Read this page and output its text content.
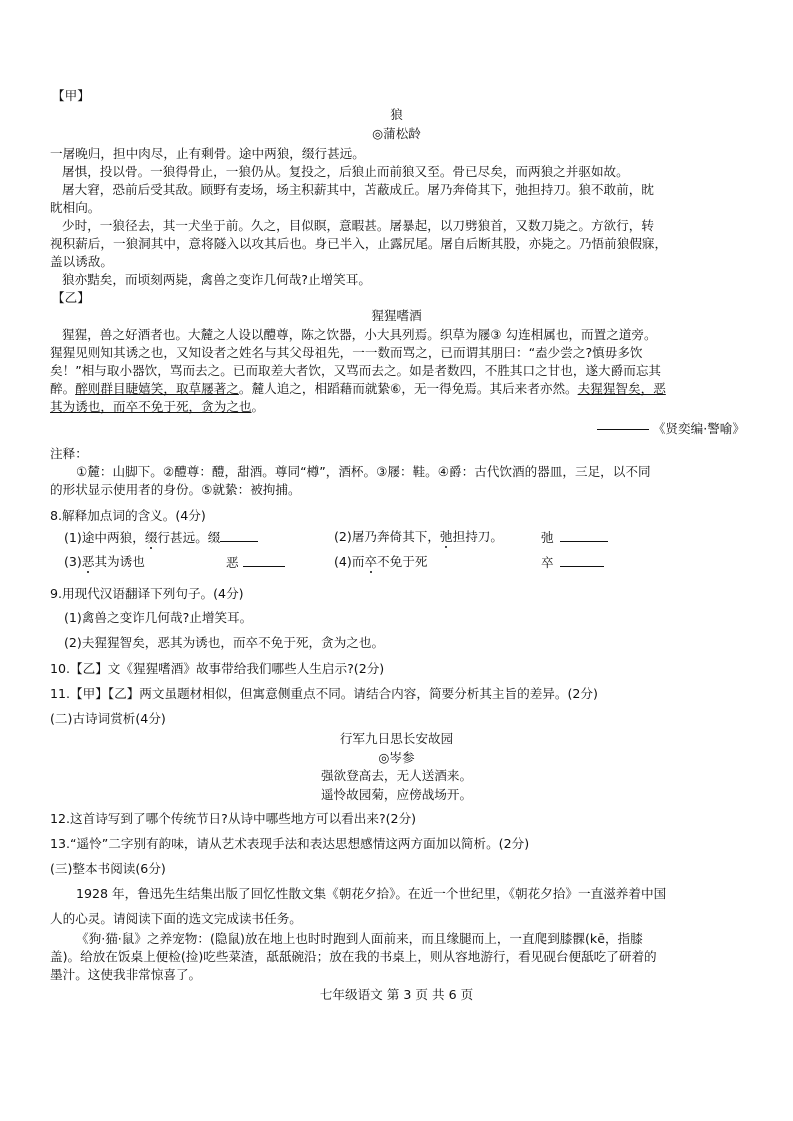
【甲】
狼
◎蒲松龄
一屠晚归，担中肉尽，止有剩骨。途中两狼，缀行甚远。
屠惧，投以骨。一狼得骨止，一狼仍从。复投之，后狼止而前狼又至。骨已尽矣，而两狼之并驱如故。
屠大窘，恐前后受其敌。顾野有麦场，场主积薪其中，苫蔽成丘。屠乃奔倚其下，弛担持刀。狼不敢前，眈
眈相向。
少时，一狼径去，其一犬坐于前。久之，目似瞑，意暇甚。屠暴起，以刀劈狼首，又数刀毙之。方欲行，转
视积薪后，一狼洞其中，意将隧入以攻其后也。身已半入，止露尻尾。屠自后断其股，亦毙之。乃悟前狼假寐，
盖以诱敌。
狼亦黠矣，而顷刻两毙，禽兽之变诈几何哉?止增笑耳。
【乙】
猩猩嗜酒
猩猩，兽之好酒者也。大麓之人设以醴尊，陈之饮器，小大具列焉。织草为屦③ 勾连相属也，而置之道旁。
猩猩见则知其诱之也，又知设者之姓名与其父母祖先，一一数而骂之，已而谓其朋曰：“盍少尝之?慎毋多饮
矣！”相与取小器饮，骂而去之。已而取差大者饮，又骂而去之。如是者数四，不胜其口之甘也，遂大爵而忘其
醉。醉则群目睫嬉笑，取草屦著之。麓人追之，相蹈藉而就絷⑥，无一得免焉。其后来者亦然。夫猩猩智矣，恶
其为诱也，而卒不免于死，贪为之也。
《贤奕编·警喻》
注释：
①麓：山脚下。②醴尊：醴，甜酒。尊同“樽”，酒杯。③屦：鞋。④爵：古代饮酒的器皿，三足，以不同
的形状显示使用者的身份。⑤就絷：被拘捕。
8.解释加点词的含义。(4分)
(1)途中两狼，缀行甚远。缀	(2)屠乃奔倚其下，弛担持刀。	弛
(3)恶其为诱也	恶	(4)而卒不免于死	卒
9.用现代汉语翻译下列句子。(4分)
(1)禽兽之变诈几何哉?止增笑耳。
(2)夫猩猩智矣，恶其为诱也，而卒不免于死，贪为之也。
10.【乙】文《猩猩嗜酒》故事带给我们哪些人生启示?(2分)
11.【甲】【乙】两文虽题材相似，但寓意侧重点不同。请结合内容，简要分析其主旨的差异。(2分)
(二)古诗词赏析(4分)
行军九日思长安故园
◎岑参
强欲登高去，无人送酒来。
遥怜故园菊，应傍战场开。
12.这首诗写到了哪个传统节日?从诗中哪些地方可以看出来?(2分)
13.“遥怜”二字别有韵味，请从艺术表现手法和表达思想感情这两方面加以简析。(2分)
(三)整本书阅读(6分)
1928 年，鲁迅先生结集出版了回忆性散文集《朝花夕拾》。在近一个世纪里，《朝花夕拾》一直滋养着中国
人的心灵。请阅读下面的选文完成读书任务。
《狗·猫·鼠》之养宠物：(隐鼠)放在地上也时时跑到人面前来，而且缘腿而上，一直爬到膝髁(kē，指膝
盖)。给放在饭桌上便检(捡)吃些菜渣，舐舐碗沿；放在我的书桌上，则从容地游行，看见砚台便舐吃了研着的
墨汁。这使我非常惊喜了。
七年级语文 第 3 页 共 6 页
